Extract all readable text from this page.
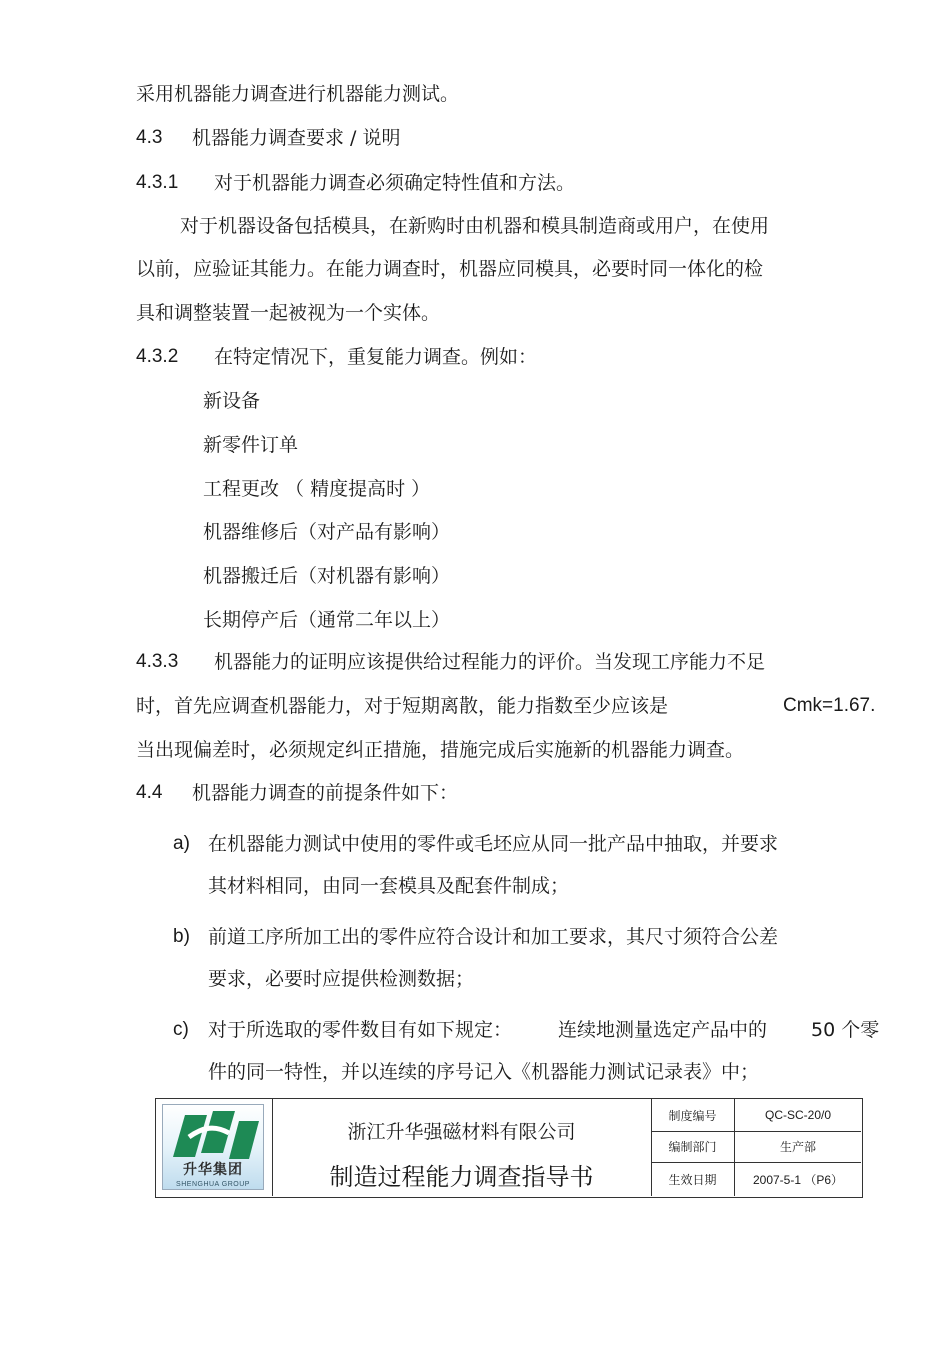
采用机器能力调查进行机器能力测试。
4.3 机器能力调查要求 / 说明
4.3.1 对于机器能力调查必须确定特性值和方法。
对于机器设备包括模具，在新购时由机器和模具制造商或用户，在使用
以前，应验证其能力。在能力调查时，机器应同模具，必要时同一体化的检
具和调整装置一起被视为一个实体。
4.3.2 在特定情况下，重复能力调查。例如：
新设备
新零件订单
工程更改 （ 精度提高时 ）
机器维修后（对产品有影响）
机器搬迁后（对机器有影响）
长期停产后（通常二年以上）
4.3.3 机器能力的证明应该提供给过程能力的评价。当发现工序能力不足
时，首先应调查机器能力，对于短期离散，能力指数至少应该是	Cmk=1.67.
当出现偏差时，必须规定纠正措施，措施完成后实施新的机器能力调查。
4.4 机器能力调查的前提条件如下：
a) 在机器能力测试中使用的零件或毛坯应从同一批产品中抽取，并要求
其材料相同，由同一套模具及配套件制成；
b) 前道工序所加工出的零件应符合设计和加工要求，其尺寸须符合公差
要求，必要时应提供检测数据；
c) 对于所选取的零件数目有如下规定： 连续地测量选定产品中的 50 个零
件的同一特性，并以连续的序号记入《机器能力测试记录表》中；
升华集团
SHENGHUA GROUP
浙江升华强磁材料有限公司
制造过程能力调查指导书
制度编号	QC-SC-20/0
编制部门	生产部
生效日期	2007-5-1 （P6）
